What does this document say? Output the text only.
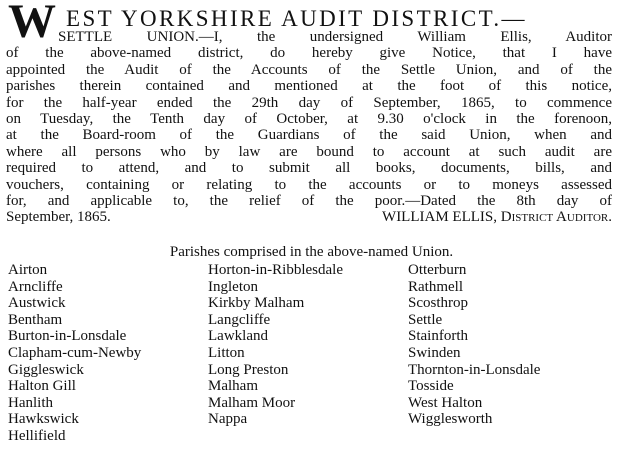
W EST YORKSHIRE AUDIT DISTRICT.—
SETTLE UNION.—I, the undersigned William Ellis, Auditor
of the above-named district, do hereby give Notice, that I have
appointed the Audit of the Accounts of the Settle Union, and of the
parishes therein contained and mentioned at the foot of this notice,
for the half-year ended the 29th day of September, 1865, to commence
on Tuesday, the Tenth day of October, at 9.30 o'clock in the forenoon,
at the Board-room of the Guardians of the said Union, when and
where all persons who by law are bound to account at such audit are
required to attend, and to submit all books, documents, bills, and
vouchers, containing or relating to the accounts or to moneys assessed
for, and applicable to, the relief of the poor.—Dated the 8th day of
September, 1865.	WILLIAM ELLIS, District Auditor.
Parishes comprised in the above-named Union.
Airton
Arncliffe
Austwick
Bentham
Burton-in-Lonsdale
Clapham-cum-Newby
Giggleswick
Halton Gill
Hanlith
Hawkswick
Hellifield
Horton-in-Ribblesdale
Ingleton
Kirkby Malham
Langcliffe
Lawkland
Litton
Long Preston
Malham
Malham Moor
Nappa
Otterburn
Rathmell
Scosthrop
Settle
Stainforth
Swinden
Thornton-in-Lonsdale
Tosside
West Halton
Wigglesworth
